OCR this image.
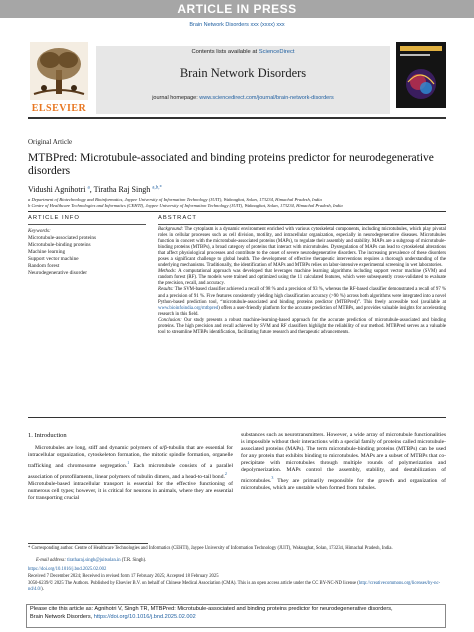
ARTICLE IN PRESS
Brain Network Disorders xxx (xxxx) xxx
ELSEVIER
Contents lists available at ScienceDirect
Brain Network Disorders
journal homepage: www.sciencedirect.com/journal/brain-network-disorders
Original Article
MTBPred: Microtubule-associated and binding proteins predictor for neurodegenerative disorders
Vidushi Agnihotri $^a$, Tiratha Raj Singh $^{a,b,*}$
a Department of Biotechnology and Bioinformatics, Jaypee University of Information Technology (JUIT), Waknaghat, Solan, 173234, Himachal Pradesh, India
b Centre of Healthcare Technologies and Informatics (CEHTI), Jaypee University of Information Technology (JUIT), Waknaghat, Solan, 173234, Himachal Pradesh, India
ARTICLE INFO
Keywords:
Microtubule-associated proteins
Microtubule-binding proteins
Machine learning
Support vector machine
Random forest
Neurodegenerative disorder
ABSTRACT

Background: The cytoplasm is a dynamic environment enriched with various cytoskeletal components, including microtubules, which play pivotal roles in cellular processes such as cell division, motility, and intracellular organization, especially in neurodegenerative diseases. Microtubules function in concert with the microtubule-associated proteins (MAPs), to regulate their assembly and stability. MAPs are a subgroup of microtubule-binding proteins (MTBPs), a broad category of proteins that interact with microtubules. Dysregulation of MAPs can lead to cytoskeletal alterations that affect physiological processes and contribute to the onset of severe neurodegenerative disorders. The increasing prevalence of these disorders poses a significant challenge to global health. The development of effective therapeutic interventions requires a thorough understanding of the underlying mechanisms. Traditionally, the identification of MAPs and MTBPs relies on labor-intensive experimental screening in wet laboratories.

Methods: A computational approach was developed that leverages machine learning algorithms including support vector machine (SVM) and random forest (RF). The models were trained and optimized using the 11 calculated features, which were subsequently cross-validated to evaluate the precision, recall, and accuracy.

Results: The SVM-based classifier achieved a recall of 98 % and a precision of 93 %, whereas the RF-based classifier demonstrated a recall of 97 % and a precision of 91 %. Five features consistently yielding high classification accuracy (>90 %) across both algorithms were integrated into a novel Python-based prediction tool, “microtubule-associated and binding proteins predictor (MTBPred)”. This freely accessible tool (available at www.bioinfoindia.org/mtbpred) offers a user-friendly platform for the accurate prediction of MTBPs, and provides valuable insights for accelerating research in this field.

Conclusion: Our study presents a robust machine-learning-based approach for the accurate prediction of microtubule-associated and binding proteins. The high precision and recall achieved by SVM and RF classifiers highlight the reliability of our method. MTBPred serves as a valuable tool to streamline MTBPs identification, facilitating future research and therapeutic advancements.

1. Introduction

Microtubules are long, stiff and dynamic polymers of α/β-tubulin that are essential for intracellular organization, cytoskeleton formation, the mitotic spindle formation, organelle trafficking and chromosome segregation.$^1$ Each microtubule consists of a parallel association of protofilaments, linear polymers of tubulin dimers, and a head-to-tail bond.$^2$

Microtubule-based intracellular transport is essential for the effective functioning of numerous cell types; however, it is critical for neurons in animals, where they are essential for transporting crucial

substances such as neurotransmitters. However, a wide array of microtubule functionalities is impossible without their interactions with a special family of proteins called microtubule-associated proteins (MAPs). The term microtubule-binding proteins (MTBPs) can be used for any protein that exhibits binding to microtubules. MAPs are a subset of MTBPs that co-precipitate with microtubules through multiple rounds of polymerization and depolymerization. MAPs control the assembly, stability, and destabilization of microtubules.$^3$ They are primarily responsible for the growth and organization of microtubules, which are unstable when formed from tubules.

* Corresponding author. Centre of Healthcare Technologies and Informatics (CEHTI), Jaypee University of Information Technology (JUIT), Waknaghat, Solan, 173234, Himachal Pradesh, India.
E-mail address: tiratharaj.singh@juitsolan.in (T.R. Singh).
https://doi.org/10.1016/j.bnd.2025.02.002
Received 7 December 2024; Received in revised form 17 February 2025; Accepted 18 February 2025
3050-6239/© 2025 The Authors. Published by Elsevier B.V. on behalf of Chinese Medical Association (CMA). This is an open access article under the CC BY-NC-ND license (http://creativecommons.org/licenses/by-nc-nd/4.0/).
Please cite this article as: Agnihotri V, Singh TR, MTBPred: Microtubule-associated and binding proteins predictor for neurodegenerative disorders,
Brain Network Disorders, https://doi.org/10.1016/j.bnd.2025.02.002
